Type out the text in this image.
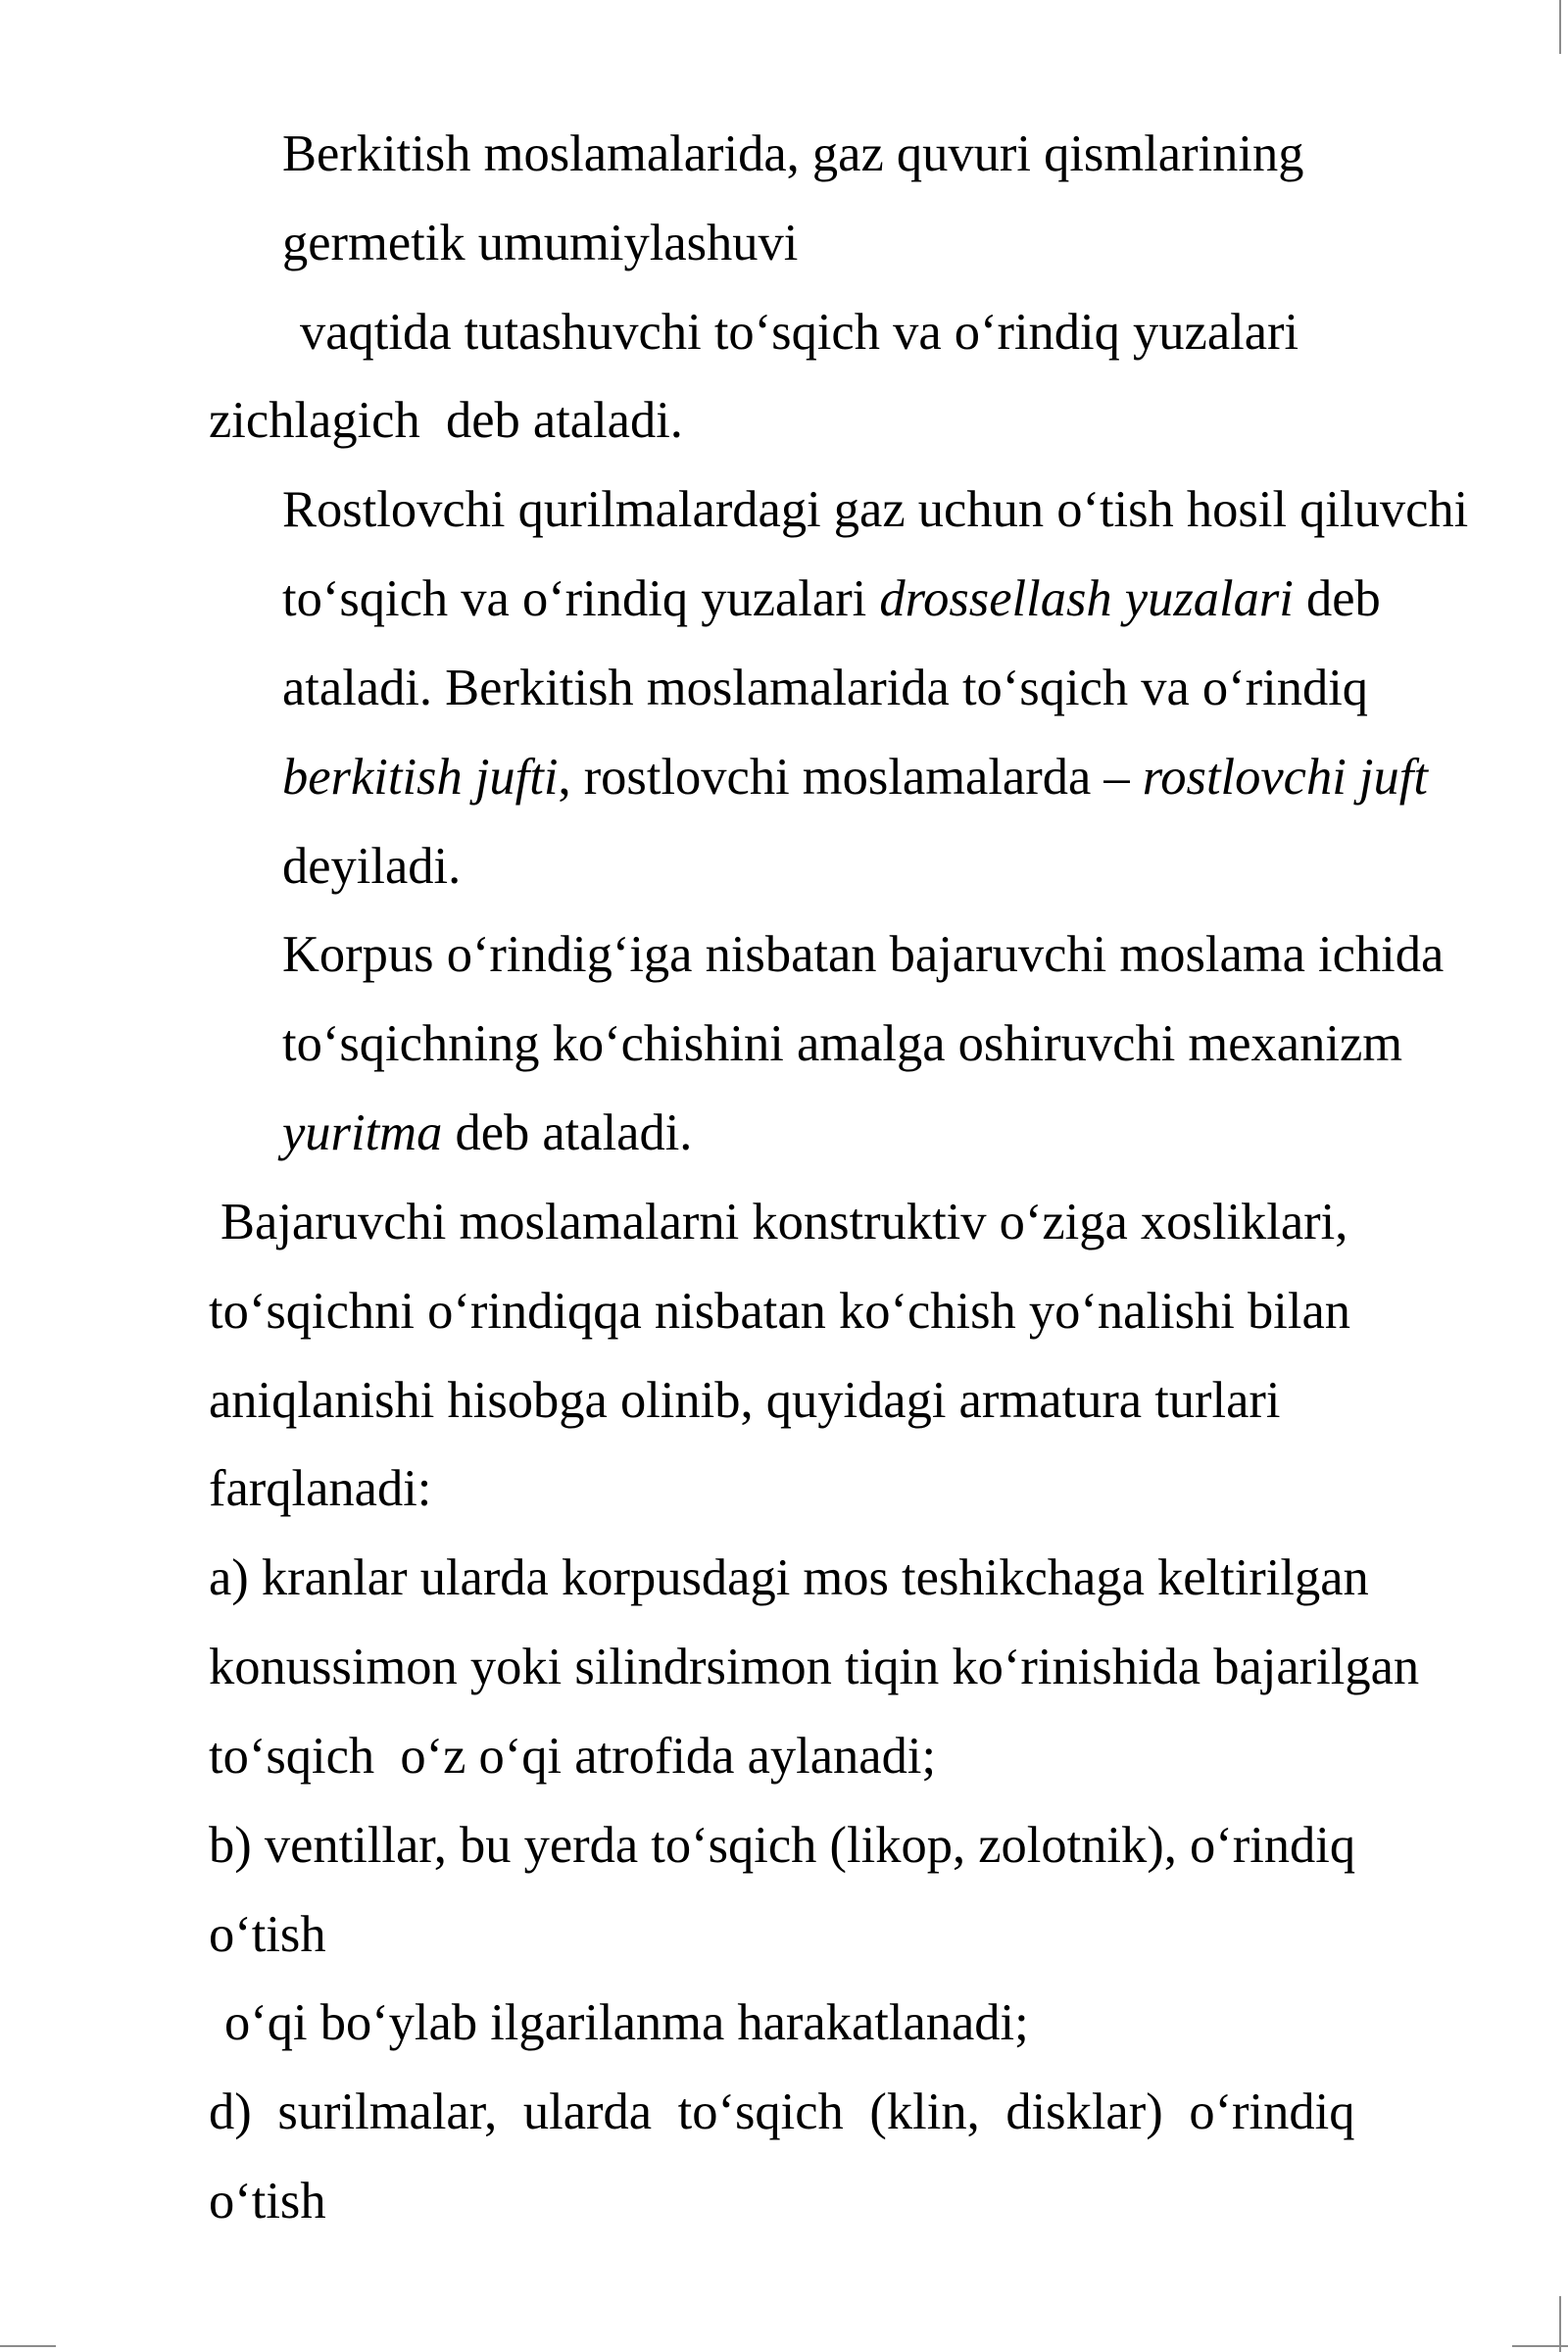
Berkitish moslamalarida, gaz quvuri qismlarining
germetik umumiylashuvi
vaqtida tutashuvchi to‘sqich va o‘rindiq yuzalari
zichlagich  deb ataladi.
Rostlovchi qurilmalardagi gaz uchun o‘tish hosil qiluvchi
to‘sqich va o‘rindiq yuzalari drossellash yuzalari deb
ataladi. Berkitish moslamalarida to‘sqich va o‘rindiq
berkitish jufti, rostlovchi moslamalarda – rostlovchi juft
deyiladi.
Korpus o‘rindig‘iga nisbatan bajaruvchi moslama ichida
to‘sqichning ko‘chishini amalga oshiruvchi mexanizm
yuritma deb ataladi.
Bajaruvchi moslamalarni konstruktiv o‘ziga xosliklari,
to‘sqichni o‘rindiqqa nisbatan ko‘chish yo‘nalishi bilan
aniqlanishi hisobga olinib, quyidagi armatura turlari
farqlanadi:
a) kranlar ularda korpusdagi mos teshikchaga keltirilgan
konussimon yoki silindrsimon tiqin ko‘rinishida bajarilgan
to‘sqich  o‘z o‘qi atrofida aylanadi;
b) ventillar, bu yerda to‘sqich (likop, zolotnik), o‘rindiq
o‘tish
o‘qi bo‘ylab ilgarilanma harakatlanadi;
d) surilmalar, ularda to‘sqich (klin, disklar) o‘rindiq
o‘tish
